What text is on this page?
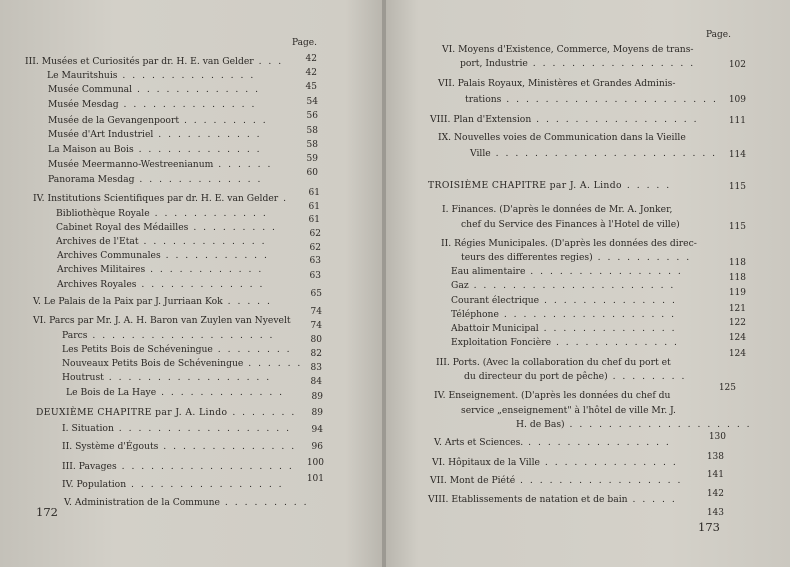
Page.
III. Musées et Curiosités par dr. H. E. van Gelder . . .
Le Mauritshuis . . . . . . . . . . . . . .
Musée Communal . . . . . . . . . . . . .
Musée Mesdag . . . . . . . . . . . . . .
Musée de la Gevangenpoort . . . . . . . . .
Musée d'Art Industriel . . . . . . . . . . .
La Maison au Bois . . . . . . . . . . . . .
Musée Meermanno-Westreenianum . . . . . .
Panorama Mesdag . . . . . . . . . . . . .
IV. Institutions Scientifiques par dr. H. E. van Gelder .
Bibliothèque Royale . . . . . . . . . . . .
Cabinet Royal des Médailles . . . . . . . . .
Archives de l'Etat . . . . . . . . . . . . .
Archives Communales . . . . . . . . . . .
Archives Militaires . . . . . . . . . . . .
Archives Royales . . . . . . . . . . . . .
V. Le Palais de la Paix par J. Jurriaan Kok . . . . .
VI. Parcs par Mr. J. A. H. Baron van Zuylen van Nyevelt
Parcs . . . . . . . . . . . . . . . . . . .
Les Petits Bois de Schéveningue . . . . . . . .
Nouveaux Petits Bois de Schéveningue . . . . . .
Houtrust . . . . . . . . . . . . . . . . .
Le Bois de La Haye . . . . . . . . . . . . .
DEUXIÈME CHAPITRE par J. A. Lindo . . . . . . .
I. Situation . . . . . . . . . . . . . . . . . .
II. Système d'Égouts . . . . . . . . . . . . . .
III. Pavages . . . . . . . . . . . . . . . . . .
IV. Population . . . . . . . . . . . . . . . .
V. Administration de la Commune . . . . . . . . .
42
42
45
54
56
58
58
59
60
61
61
61
62
62
63
63
65
74
74
80
82
83
84
89
89
94
96
100
101
172
Page.
VI. Moyens d'Existence, Commerce, Moyens de trans-
port, Industrie . . . . . . . . . . . . . . . . .
VII. Palais Royaux, Ministères et Grandes Adminis-
trations . . . . . . . . . . . . . . . . . . . . . .
VIII. Plan d'Extension . . . . . . . . . . . . . . . . .
IX. Nouvelles voies de Communication dans la Vieille
Ville . . . . . . . . . . . . . . . . . . . . . . .
TROISIÈME CHAPITRE par J. A. Lindo . . . . .
I. Finances. (D'après le données de Mr. A. Jonker,
chef du Service des Finances à l'Hotel de ville)
II. Régies Municipales. (D'après les données des direc-
teurs des differentes regies) . . . . . . . . . .
Eau alimentaire . . . . . . . . . . . . . . . .
Gaz . . . . . . . . . . . . . . . . . . . . .
Courant électrique . . . . . . . . . . . . . .
Téléphone . . . . . . . . . . . . . . . . . .
Abattoir Municipal . . . . . . . . . . . . . .
Exploitation Foncière . . . . . . . . . . . . .
III. Ports. (Avec la collaboration du chef du port et
du directeur du port de pêche) . . . . . . . .
IV. Enseignement. (D'après les données du chef du
service „enseignement" à l'hôtel de ville Mr. J.
H. de Bas) . . . . . . . . . . . . . . . . . . .
V. Arts et Sciences. . . . . . . . . . . . . . . .
VI. Hôpitaux de la Ville . . . . . . . . . . . . . .
VII. Mont de Piété . . . . . . . . . . . . . . . . .
VIII. Etablissements de natation et de bain . . . . .
102
109
111
114
115
115
118
118
119
121
122
124
124
125
130
138
141
142
143
173
